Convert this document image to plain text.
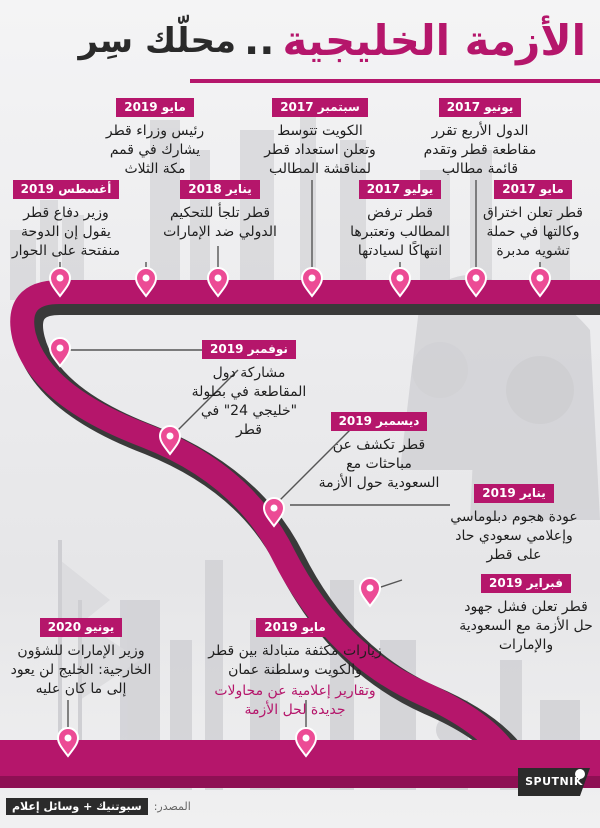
الأزمة الخليجية..محلّك سِر
مايو 2019
رئيس وزراء قطر يشارك في قمم مكة الثلاث
سبتمبر 2017
الكويت تتوسط وتعلن استعداد قطر لمناقشة المطالب
يونيو 2017
الدول الأربع تقرر مقاطعة قطر وتقدم قائمة مطالب
أغسطس 2019
وزير دفاع قطر يقول إن الدوحة منفتحة على الحوار
يناير 2018
قطر تلجأ للتحكيم الدولي ضد الإمارات
يوليو 2017
قطر ترفض المطالب وتعتبرها انتهاكًا لسيادتها
مايو 2017
قطر تعلن اختراق وكالتها في حملة تشويه مدبرة
نوفمبر 2019
مشاركة دول المقاطعة في بطولة "خليجي 24" في قطر
ديسمبر 2019
قطر تكشف عن مباحثات مع السعودية حول الأزمة
يناير 2019
عودة هجوم دبلوماسي وإعلامي سعودي حاد على قطر
فبراير 2019
قطر تعلن فشل جهود حل الأزمة مع السعودية والإمارات
يونيو 2020
وزير الإمارات للشؤون الخارجية: الخليج لن يعود إلى ما كان عليه
مايو 2019
زيارات مكثفة متبادلة بين قطر والكويت وسلطنة عمان
وتقارير إعلامية عن محاولات جديدة لحل الأزمة
المصدر:
سبوتنيك + وسائل إعلام
SPUTNIK
